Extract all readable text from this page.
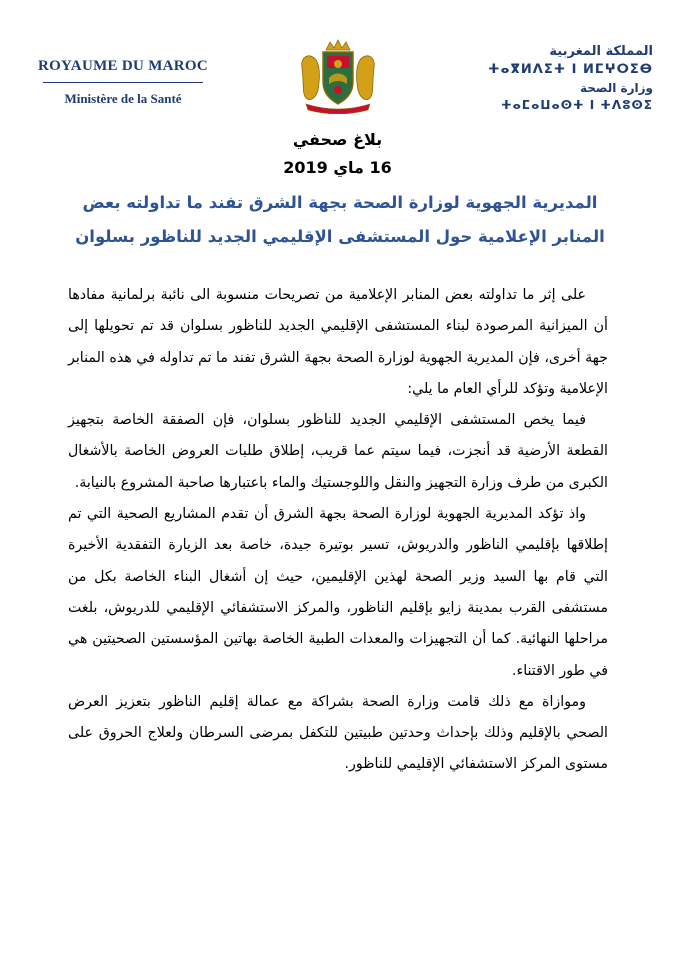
ROYAUME DU MAROC
Ministère de la Santé
المملكة المغربية
ⵜⴰⴳⵍⴷⵉⵜ ⵏ ⵍⵎⵖⵔⵉⴱ
وزارة الصحة
ⵜⴰⵎⴰⵡⴰⵙⵜ ⵏ ⵜⴷⵓⵙⵉ
بلاغ صحفي
16 ماي 2019
المديرية الجهوية لوزارة الصحة بجهة الشرق تفند ما تداولته بعض
المنابر الإعلامية حول المستشفى الإقليمي الجديد للناظور بسلوان

على إثر ما تداولته بعض المنابر الإعلامية من تصريحات منسوبة الى نائبة برلمانية مفادها أن الميزانية المرصودة لبناء المستشفى الإقليمي الجديد للناظور بسلوان قد تم تحويلها إلى جهة أخرى، فإن المديرية الجهوية لوزارة الصحة بجهة الشرق تفند ما تم تداوله في هذه المنابر الإعلامية وتؤكد للرأي العام ما يلي:

فيما يخص المستشفى الإقليمي الجديد للناظور بسلوان، فإن الصفقة الخاصة بتجهيز القطعة الأرضية قد أنجزت، فيما سيتم عما قريب، إطلاق طلبات العروض الخاصة بالأشغال الكبرى من طرف وزارة التجهيز والنقل واللوجستيك والماء باعتبارها صاحبة المشروع بالنيابة.

واذ تؤكد المديرية الجهوية لوزارة الصحة بجهة الشرق أن تقدم المشاريع الصحية التي تم إطلاقها بإقليمي الناظور والدريوش، تسير بوتيرة جيدة، خاصة بعد الزيارة التفقدية الأخيرة التي قام بها السيد وزير الصحة لهذين الإقليمين، حيث إن أشغال البناء الخاصة بكل من مستشفى القرب بمدينة زايو بإقليم الناظور، والمركز الاستشفائي الإقليمي للدريوش، بلغت مراحلها النهائية. كما أن التجهيزات والمعدات الطبية الخاصة بهاتين المؤسستين الصحيتين هي في طور الاقتناء.

وموازاة مع ذلك قامت وزارة الصحة بشراكة مع عمالة إقليم الناظور بتعزيز العرض الصحي بالإقليم وذلك بإحداث وحدتين طبيتين للتكفل بمرضى السرطان ولعلاج الحروق على مستوى المركز الاستشفائي الإقليمي للناظور.
